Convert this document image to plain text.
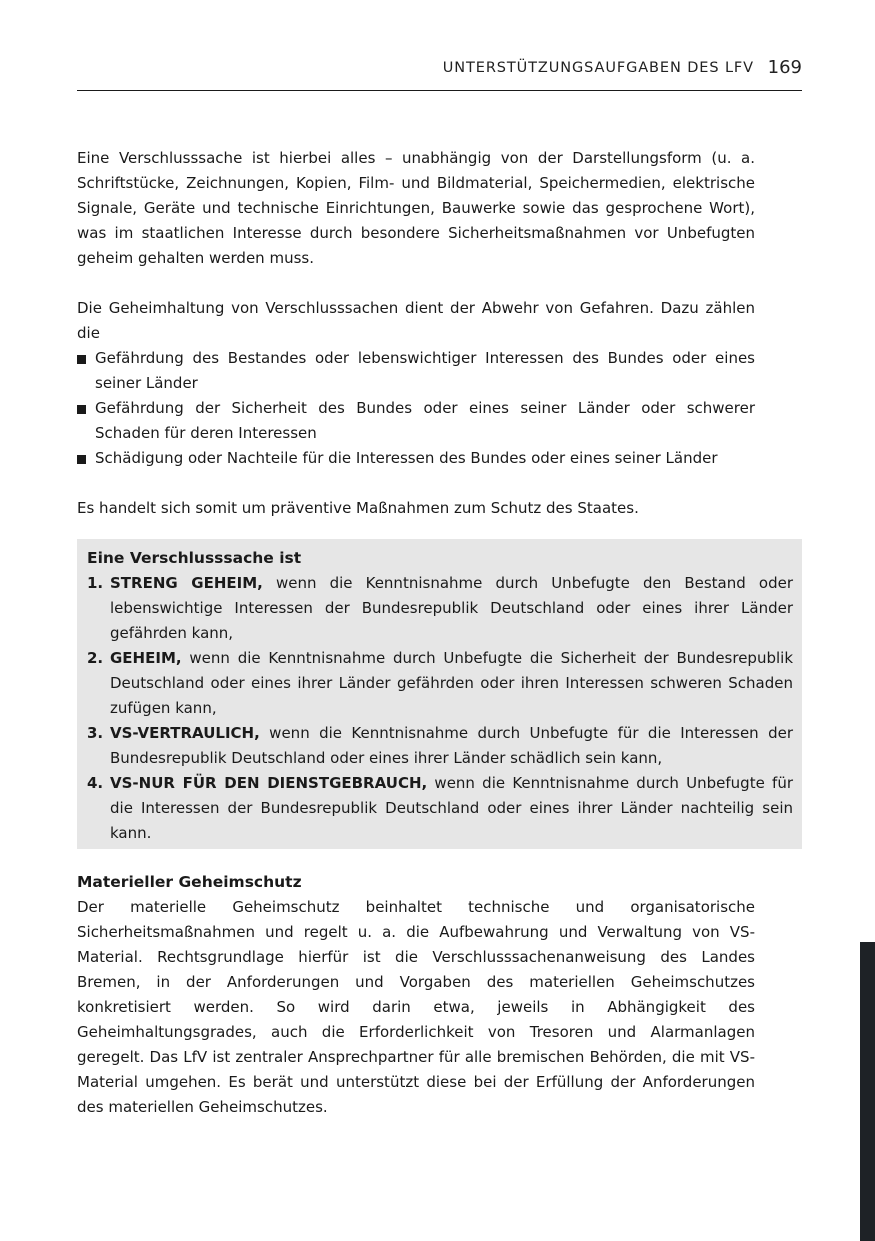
UNTERSTÜTZUNGSAUFGABEN DES LFV 169

Eine Verschlusssache ist hierbei alles – unabhängig von der Darstellungsform (u. a. Schriftstücke, Zeichnungen, Kopien, Film- und Bildmaterial, Speichermedien, elektrische Signale, Geräte und technische Einrichtungen, Bauwerke sowie das gesprochene Wort), was im staatlichen Interesse durch besondere Sicherheitsmaßnahmen vor Unbefugten geheim gehalten werden muss.

Die Geheimhaltung von Verschlusssachen dient der Abwehr von Gefahren. Dazu zählen die

Gefährdung des Bestandes oder lebenswichtiger Interessen des Bundes oder eines seiner Länder
Gefährdung der Sicherheit des Bundes oder eines seiner Länder oder schwerer Schaden für deren Interessen
Schädigung oder Nachteile für die Interessen des Bundes oder eines seiner Länder

Es handelt sich somit um präventive Maßnahmen zum Schutz des Staates.

Eine Verschlusssache ist
1. STRENG GEHEIM, wenn die Kenntnisnahme durch Unbefugte den Bestand oder lebenswichtige Interessen der Bundesrepublik Deutschland oder eines ihrer Länder gefährden kann,
2. GEHEIM, wenn die Kenntnisnahme durch Unbefugte die Sicherheit der Bundesrepublik Deutschland oder eines ihrer Länder gefährden oder ihren Interessen schweren Schaden zufügen kann,
3. VS-VERTRAULICH, wenn die Kenntnisnahme durch Unbefugte für die Interessen der Bundesrepublik Deutschland oder eines ihrer Länder schädlich sein kann,
4. VS-NUR FÜR DEN DIENSTGEBRAUCH, wenn die Kenntnisnahme durch Unbefugte für die Interessen der Bundesrepublik Deutschland oder eines ihrer Länder nachteilig sein kann.
Materieller Geheimschutz

Der materielle Geheimschutz beinhaltet technische und organisatorische Sicherheitsmaßnahmen und regelt u. a. die Aufbewahrung und Verwaltung von VS-Material. Rechtsgrundlage hierfür ist die Verschlusssachenanweisung des Landes Bremen, in der Anforderungen und Vorgaben des materiellen Geheimschutzes konkretisiert werden. So wird darin etwa, jeweils in Abhängigkeit des Geheimhaltungsgrades, auch die Erforderlichkeit von Tresoren und Alarmanlagen geregelt. Das LfV ist zentraler Ansprechpartner für alle bremischen Behörden, die mit VS-Material umgehen. Es berät und unterstützt diese bei der Erfüllung der Anforderungen des materiellen Geheimschutzes.
